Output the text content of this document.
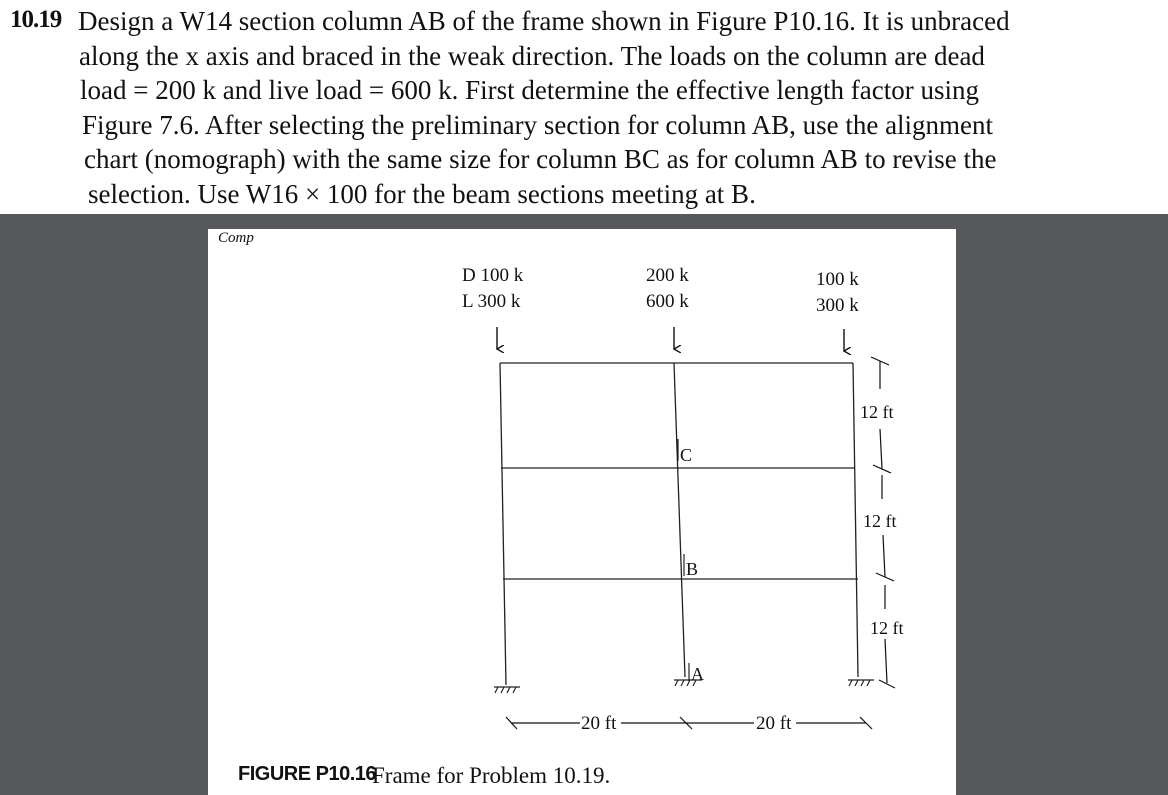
10.19 Design a W14 section column AB of the frame shown in Figure P10.16. It is unbraced
along the x axis and braced in the weak direction. The loads on the column are dead
load = 200 k and live load = 600 k. First determine the effective length factor using
Figure 7.6. After selecting the preliminary section for column AB, use the alignment
chart (nomograph) with the same size for column BC as for column AB to revise the
selection. Use W16 × 100 for the beam sections meeting at B.
Comp
D 100 k
L 300 k
200 k
600 k
100 k
300 k
C
B
A
12 ft
12 ft
12 ft
20 ft	20 ft
FIGURE P10.16
Frame for Problem 10.19.
